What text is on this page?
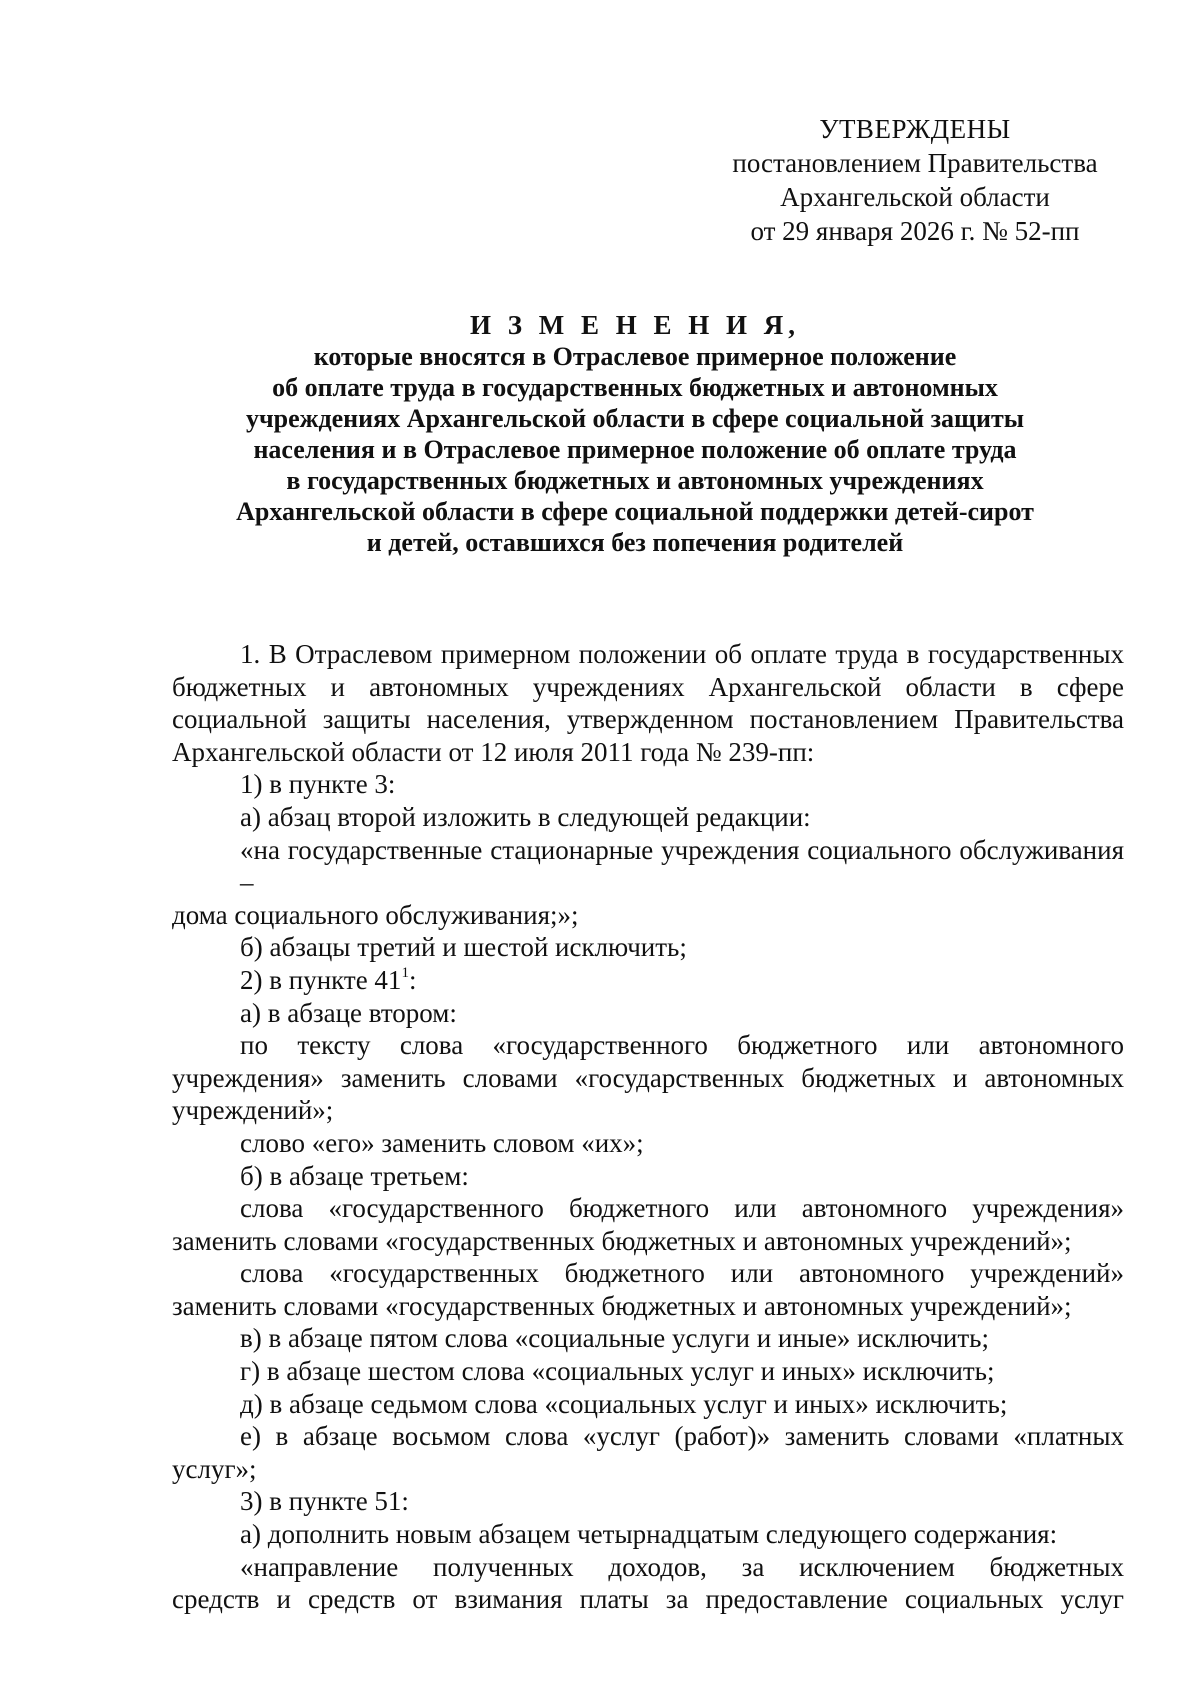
УТВЕРЖДЕНЫ
постановлением Правительства
Архангельской области
от 29 января 2026 г. № 52-пп
И З М Е Н Е Н И Я,
которые вносятся в Отраслевое примерное положение
об оплате труда в государственных бюджетных и автономных
учреждениях Архангельской области в сфере социальной защиты
населения и в Отраслевое примерное положение об оплате труда
в государственных бюджетных и автономных учреждениях
Архангельской области в сфере социальной поддержки детей-сирот
и детей, оставшихся без попечения родителей
1. В Отраслевом примерном положении об оплате труда в государственных
бюджетных и автономных учреждениях Архангельской области в сфере
социальной защиты населения, утвержденном постановлением Правительства
Архангельской области от 12 июля 2011 года № 239-пп:
1) в пункте 3:
а) абзац второй изложить в следующей редакции:
«на государственные стационарные учреждения социального обслуживания –
дома социального обслуживания;»;
б) абзацы третий и шестой исключить;
2) в пункте $41^1$:
а) в абзаце втором:
по тексту слова «государственного бюджетного или автономного
учреждения» заменить словами «государственных бюджетных и автономных
учреждений»;
слово «его» заменить словом «их»;
б) в абзаце третьем:
слова «государственного бюджетного или автономного учреждения»
заменить словами «государственных бюджетных и автономных учреждений»;
слова «государственных бюджетного или автономного учреждений»
заменить словами «государственных бюджетных и автономных учреждений»;
в) в абзаце пятом слова «социальные услуги и иные» исключить;
г) в абзаце шестом слова «социальных услуг и иных» исключить;
д) в абзаце седьмом слова «социальных услуг и иных» исключить;
е) в абзаце восьмом слова «услуг (работ)» заменить словами «платных
услуг»;
3) в пункте 51:
а) дополнить новым абзацем четырнадцатым следующего содержания:
«направление полученных доходов, за исключением бюджетных
средств и средств от взимания платы за предоставление социальных услуг
